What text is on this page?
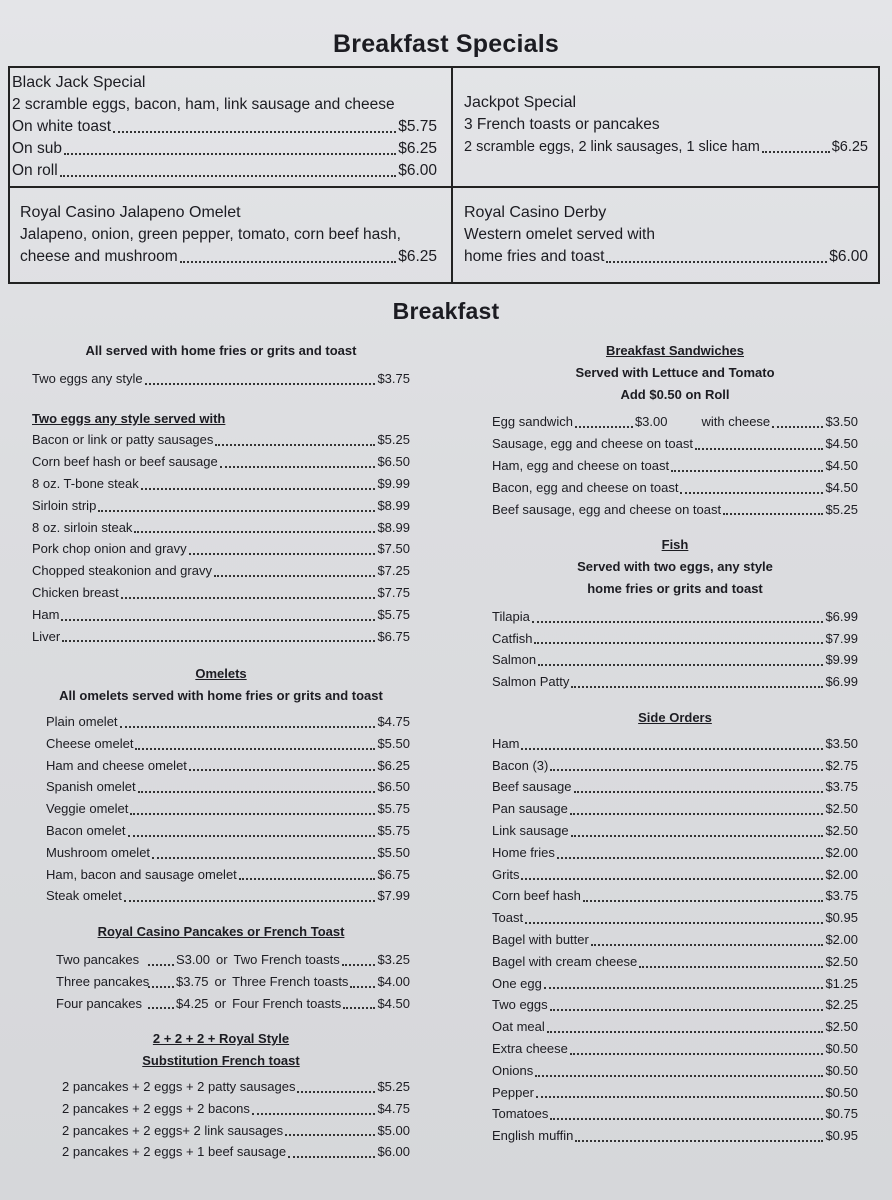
Breakfast Specials
Black Jack Special
2 scramble eggs, bacon, ham, link sausage and cheese
On white toast	$5.75
On sub	$6.25
On roll	$6.00
Jackpot Special
3 French toasts or pancakes
2 scramble eggs, 2 link sausages, 1 slice ham	$6.25
Royal Casino Jalapeno Omelet
Jalapeno, onion, green pepper, tomato, corn beef hash,
cheese and mushroom	$6.25
Royal Casino Derby
Western omelet served with
home fries and toast	$6.00
Breakfast
All served with home fries or grits and toast
Two eggs any style	$3.75
Two eggs any style served with
Bacon or link or patty sausages	$5.25
Corn beef hash or beef sausage	$6.50
8 oz. T-bone steak	$9.99
Sirloin strip	$8.99
8 oz. sirloin steak	$8.99
Pork chop onion and gravy	$7.50
Chopped steakonion and gravy	$7.25
Chicken breast	$7.75
Ham	$5.75
Liver	$6.75
Omelets
All omelets served with home fries or grits and toast
Plain omelet	$4.75
Cheese omelet	$5.50
Ham and cheese omelet	$6.25
Spanish omelet	$6.50
Veggie omelet	$5.75
Bacon omelet	$5.75
Mushroom omelet	$5.50
Ham, bacon and sausage omelet	$6.75
Steak omelet	$7.99
Royal Casino Pancakes or French Toast
Two pancakes	S3.00 or Two French toasts	$3.25
Three pancakes $3.75 or Three French toasts $4.00
Four pancakes	$4.25 or Four French toasts	$4.50
2 + 2 + 2 + Royal Style
Substitution French toast
2 pancakes + 2 eggs + 2 patty sausages	$5.25
2 pancakes + 2 eggs + 2 bacons	$4.75
2 pancakes + 2 eggs+ 2 link sausages	$5.00
2 pancakes + 2 eggs + 1 beef sausage	$6.00
Breakfast Sandwiches
Served with Lettuce and Tomato
Add $0.50 on Roll
Egg sandwich	$3.00	with cheese	$3.50
Sausage, egg and cheese on toast	$4.50
Ham, egg and cheese on toast	$4.50
Bacon, egg and cheese on toast	$4.50
Beef sausage, egg and cheese on toast	$5.25
Fish
Served with two eggs, any style
home fries or grits and toast
Tilapia	$6.99
Catfish	$7.99
Salmon	$9.99
Salmon Patty	$6.99
Side Orders
Ham	$3.50
Bacon (3)	$2.75
Beef sausage	$3.75
Pan sausage	$2.50
Link sausage	$2.50
Home fries	$2.00
Grits	$2.00
Corn beef hash	$3.75
Toast	$0.95
Bagel with butter	$2.00
Bagel with cream cheese	$2.50
One egg	$1.25
Two eggs	$2.25
Oat meal	$2.50
Extra cheese	$0.50
Onions	$0.50
Pepper	$0.50
Tomatoes	$0.75
English muffin	$0.95
